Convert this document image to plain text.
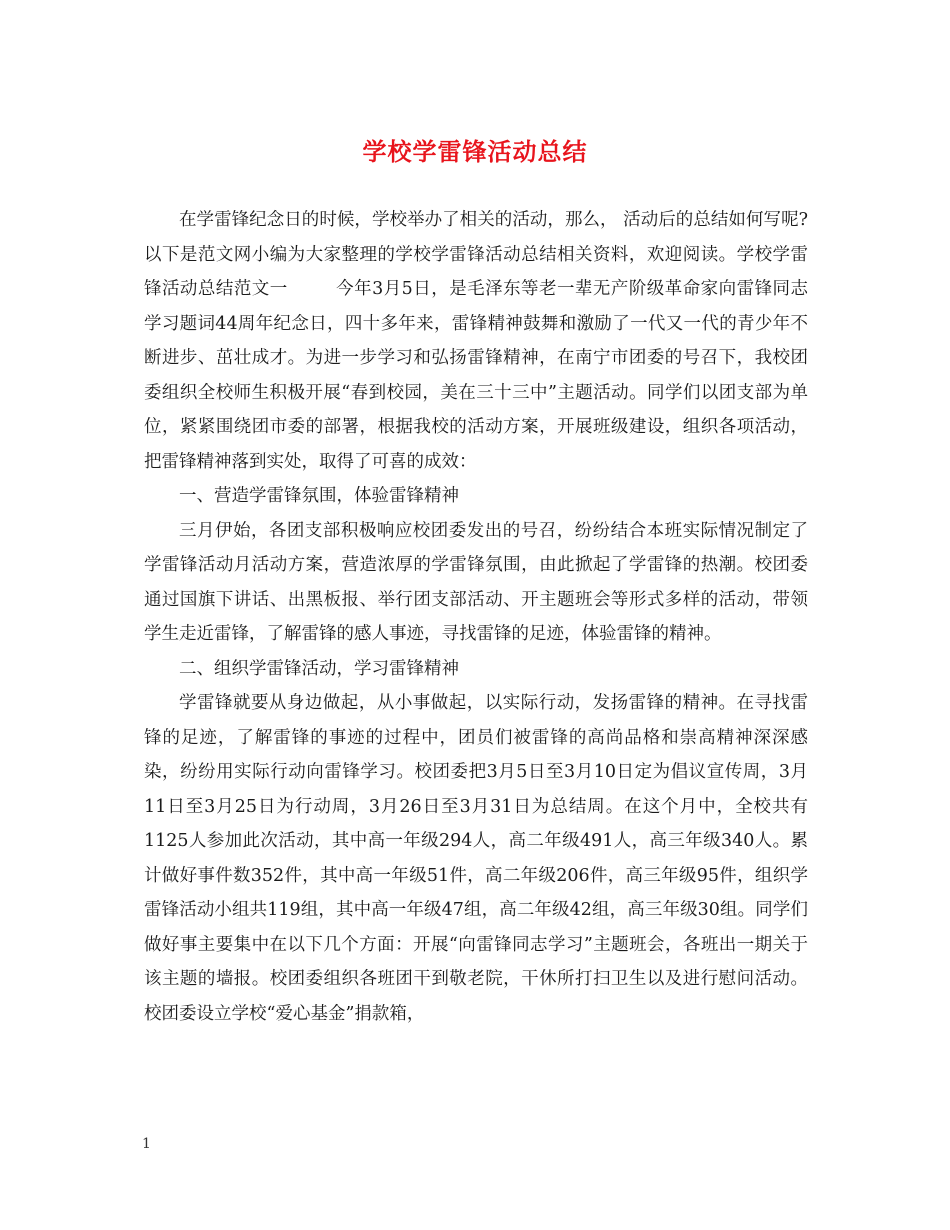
学校学雷锋活动总结

在学雷锋纪念日的时候，学校举办了相关的活动，那么， 活动后的总结如何写呢?以下是范文网小编为大家整理的学校学雷锋活动总结相关资料，欢迎阅读。学校学雷锋活动总结范文一	今年3月5日，是毛泽东等老一辈无产阶级革命家向雷锋同志学习题词44周年纪念日，四十多年来，雷锋精神鼓舞和激励了一代又一代的青少年不断进步、茁壮成才。为进一步学习和弘扬雷锋精神，在南宁市团委的号召下，我校团委组织全校师生积极开展“春到校园，美在三十三中”主题活动。同学们以团支部为单位，紧紧围绕团市委的部署，根据我校的活动方案，开展班级建设，组织各项活动，把雷锋精神落到实处，取得了可喜的成效：

一、营造学雷锋氛围，体验雷锋精神

三月伊始，各团支部积极响应校团委发出的号召，纷纷结合本班实际情况制定了学雷锋活动月活动方案，营造浓厚的学雷锋氛围，由此掀起了学雷锋的热潮。校团委通过国旗下讲话、出黑板报、举行团支部活动、开主题班会等形式多样的活动，带领学生走近雷锋，了解雷锋的感人事迹，寻找雷锋的足迹，体验雷锋的精神。

二、组织学雷锋活动，学习雷锋精神

学雷锋就要从身边做起，从小事做起，以实际行动，发扬雷锋的精神。在寻找雷锋的足迹，了解雷锋的事迹的过程中，团员们被雷锋的高尚品格和崇高精神深深感染，纷纷用实际行动向雷锋学习。校团委把3月5日至3月10日定为倡议宣传周，3月11日至3月25日为行动周，3月26日至3月31日为总结周。在这个月中，全校共有1125人参加此次活动，其中高一年级294人，高二年级491人，高三年级340人。累计做好事件数352件，其中高一年级51件，高二年级206件，高三年级95件，组织学雷锋活动小组共119组，其中高一年级47组，高二年级42组，高三年级30组。同学们做好事主要集中在以下几个方面：开展“向雷锋同志学习”主题班会，各班出一期关于该主题的墙报。校团委组织各班团干到敬老院，干休所打扫卫生以及进行慰问活动。校团委设立学校“爱心基金”捐款箱，

1
